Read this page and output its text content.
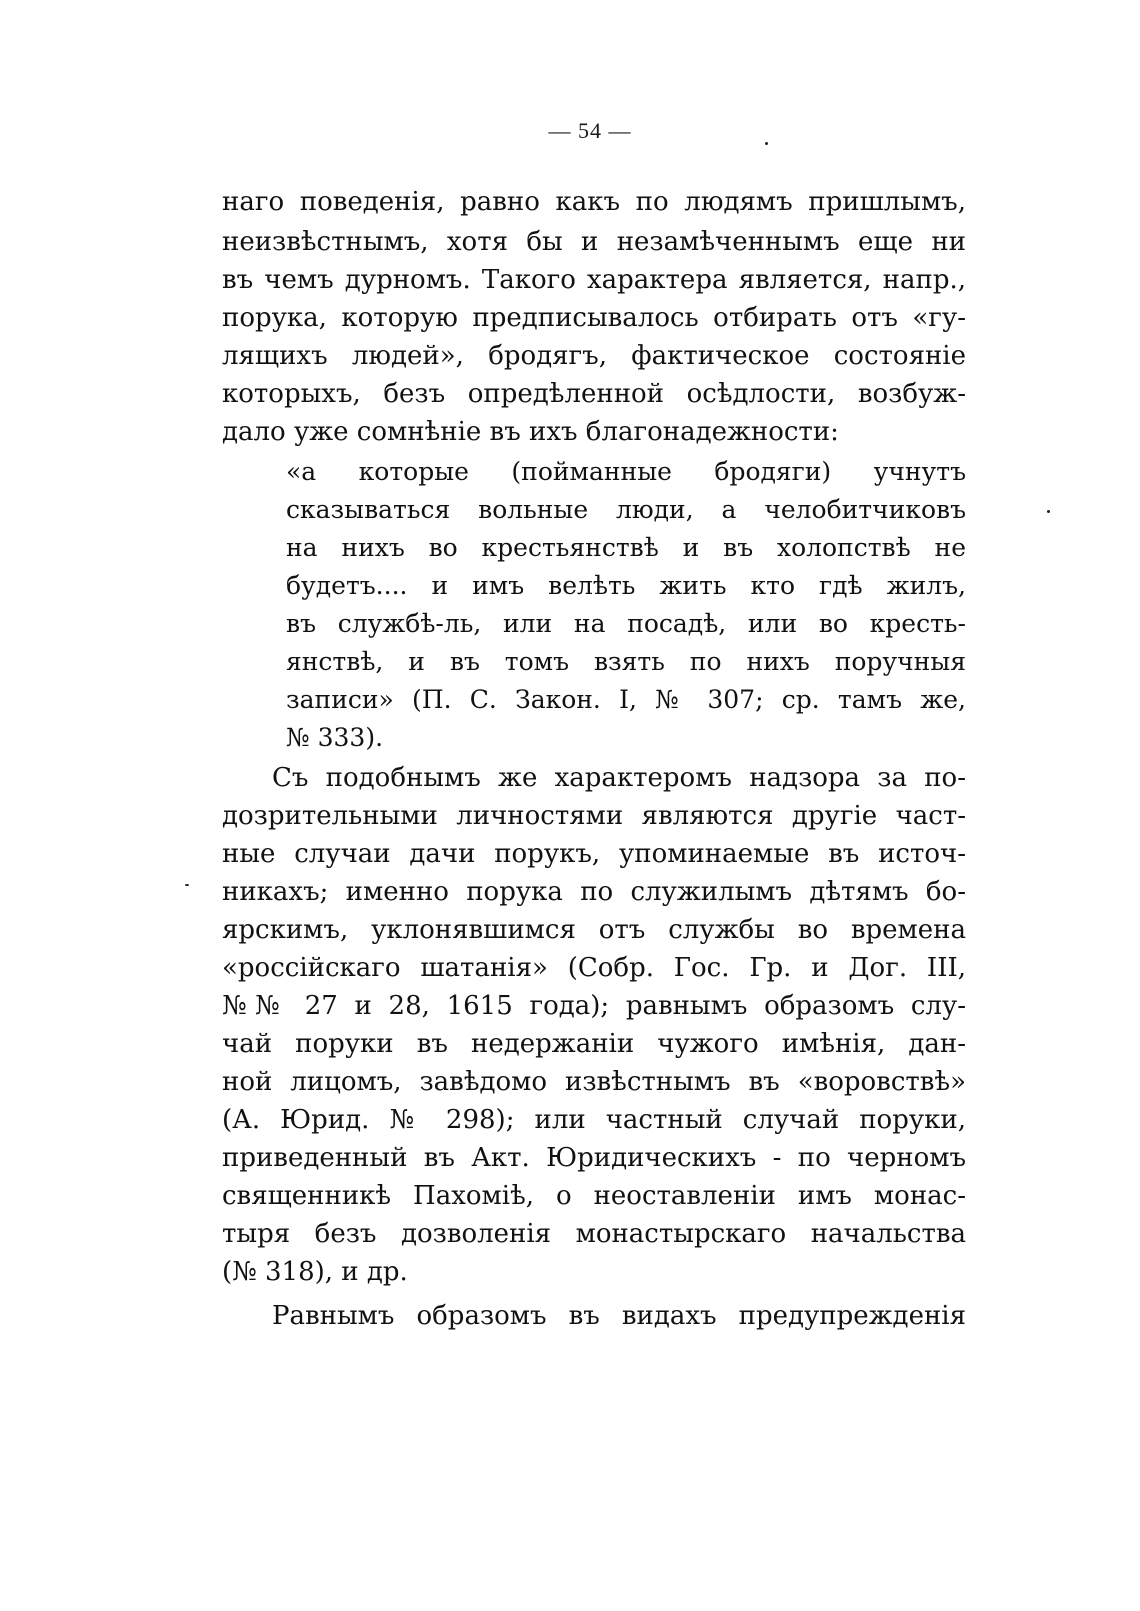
— 54 —
наго поведенія, равно какъ по людямъ пришлымъ,
неизвѣстнымъ, хотя бы и незамѣченнымъ еще ни
въ чемъ дурномъ. Такого характера является, напр.,
порука, которую предписывалось отбирать отъ «гу-
лящихъ людей», бродягъ, фактическое состояніе
которыхъ, безъ опредѣленной осѣдлости, возбуж-
дало уже сомнѣніе въ ихъ благонадежности:
«а которые (пойманные бродяги) учнутъ
сказываться вольные люди, а челобитчиковъ
на нихъ во крестьянствѣ и въ холопствѣ не
будетъ.... и имъ велѣть жить кто гдѣ жилъ,
въ службѣ-ль, или на посадѣ, или во кресть-
янствѣ, и въ томъ взять по нихъ поручныя
записи» (П. С. Закон. I, № 307; ср. тамъ же,
№ 333).
Съ подобнымъ же характеромъ надзора за по-
дозрительными личностями являются другіе част-
ные случаи дачи порукъ, упоминаемые въ источ-
никахъ; именно порука по служилымъ дѣтямъ бо-
ярскимъ, уклонявшимся отъ службы во времена
«россійскаго шатанія» (Собр. Гос. Гр. и Дог. III,
№№ 27 и 28, 1615 года); равнымъ образомъ слу-
чай поруки въ недержаніи чужого имѣнія, дан-
ной лицомъ, завѣдомо извѣстнымъ въ «воровствѣ»
(А. Юрид. № 298); или частный случай поруки,
приведенный въ Акт. Юридическихъ - по черномъ
священникѣ Пахомiѣ, о неоставленіи имъ монас-
тыря безъ дозволенія монастырскаго начальства
(№ 318), и др.
Равнымъ образомъ въ видахъ предупрежденія
